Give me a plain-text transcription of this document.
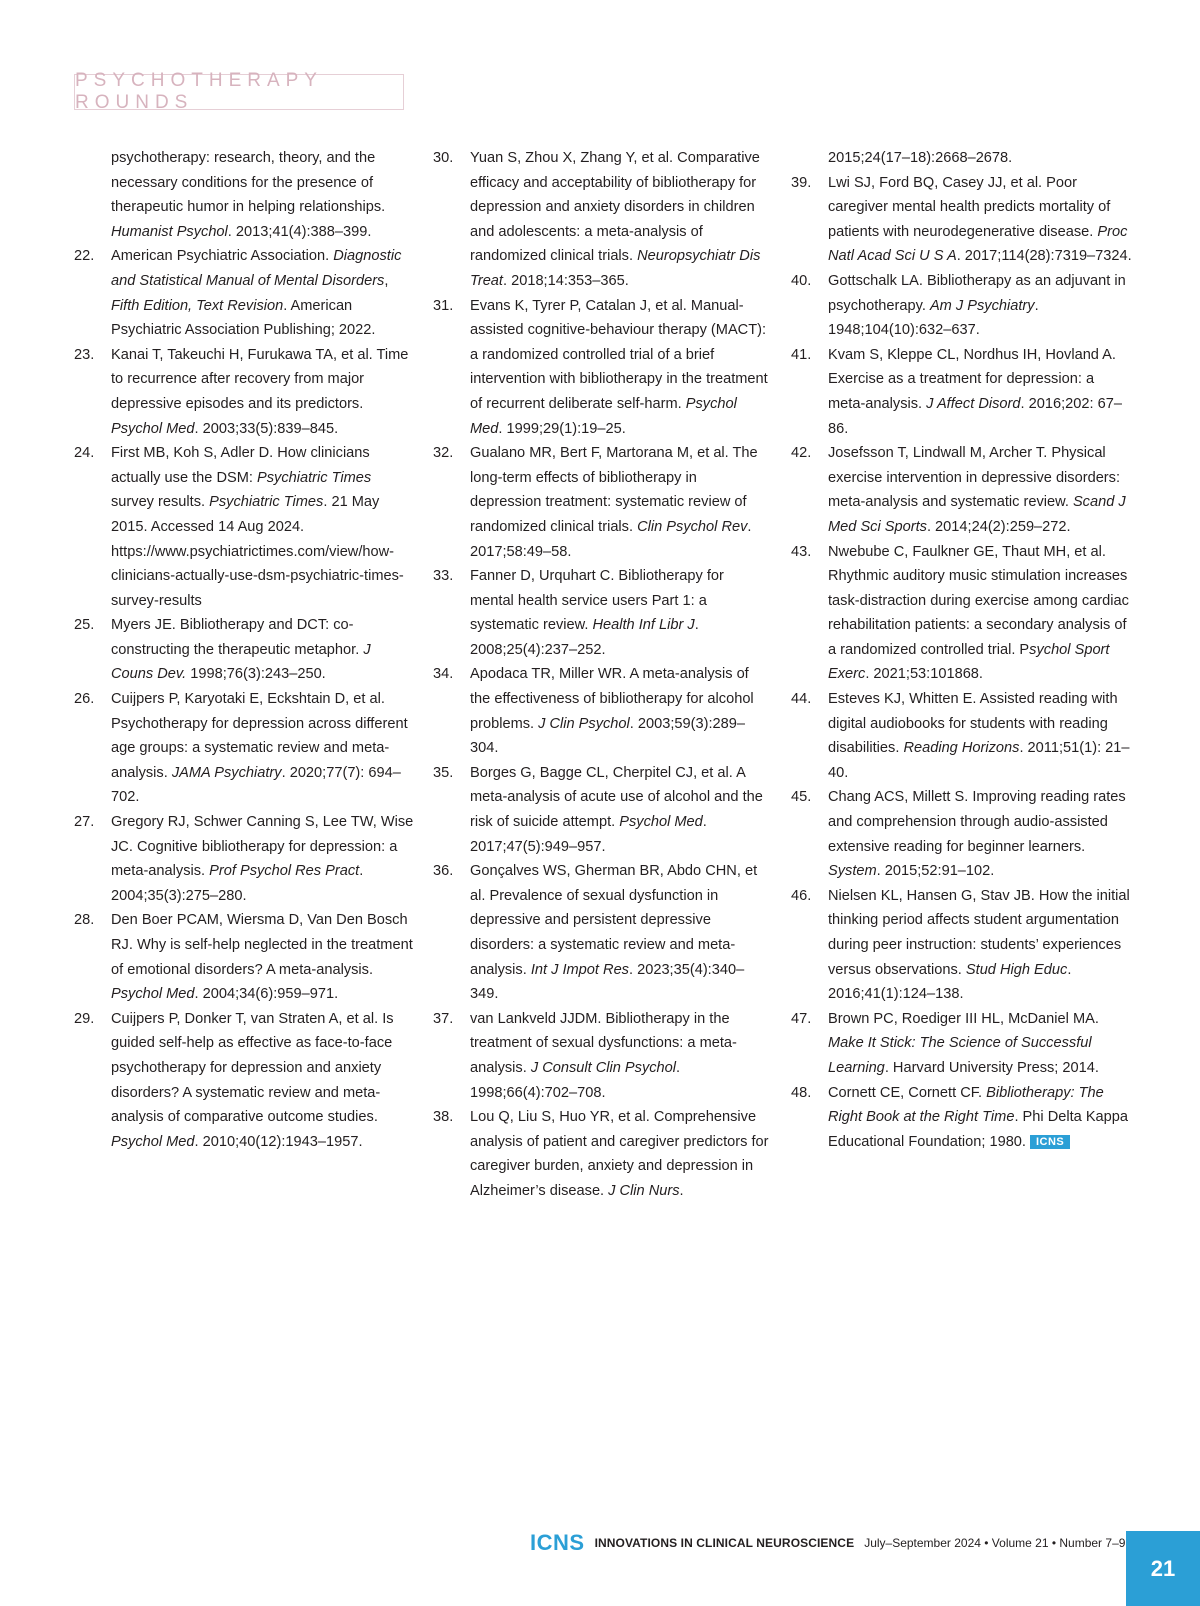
PSYCHOTHERAPY ROUNDS
psychotherapy: research, theory, and the necessary conditions for the presence of therapeutic humor in helping relationships. Humanist Psychol. 2013;41(4):388–399.
22.	American Psychiatric Association. Diagnostic and Statistical Manual of Mental Disorders, Fifth Edition, Text Revision. American Psychiatric Association Publishing; 2022.
23.	Kanai T, Takeuchi H, Furukawa TA, et al. Time to recurrence after recovery from major depressive episodes and its predictors. Psychol Med. 2003;33(5):839–845.
24.	First MB, Koh S, Adler D. How clinicians actually use the DSM: Psychiatric Times survey results. Psychiatric Times. 21 May 2015. Accessed 14 Aug 2024. https://www.psychiatrictimes.com/view/how-clinicians-actually-use-dsm-psychiatric-times-survey-results
25.	Myers JE. Bibliotherapy and DCT: co-constructing the therapeutic metaphor. J Couns Dev. 1998;76(3):243–250.
26.	Cuijpers P, Karyotaki E, Eckshtain D, et al. Psychotherapy for depression across different age groups: a systematic review and meta-analysis. JAMA Psychiatry. 2020;77(7): 694–702.
27.	Gregory RJ, Schwer Canning S, Lee TW, Wise JC. Cognitive bibliotherapy for depression: a meta-analysis. Prof Psychol Res Pract. 2004;35(3):275–280.
28.	Den Boer PCAM, Wiersma D, Van Den Bosch RJ. Why is self-help neglected in the treatment of emotional disorders? A meta-analysis. Psychol Med. 2004;34(6):959–971.
29.	Cuijpers P, Donker T, van Straten A, et al. Is guided self-help as effective as face-to-face psychotherapy for depression and anxiety disorders? A systematic review and meta-analysis of comparative outcome studies. Psychol Med. 2010;40(12):1943–1957.
30.	Yuan S, Zhou X, Zhang Y, et al. Comparative efficacy and acceptability of bibliotherapy for depression and anxiety disorders in children and adolescents: a meta-analysis of randomized clinical trials. Neuropsychiatr Dis Treat. 2018;14:353–365.
31.	Evans K, Tyrer P, Catalan J, et al. Manual-assisted cognitive-behaviour therapy (MACT): a randomized controlled trial of a brief intervention with bibliotherapy in the treatment of recurrent deliberate self-harm. Psychol Med. 1999;29(1):19–25.
32.	Gualano MR, Bert F, Martorana M, et al. The long-term effects of bibliotherapy in depression treatment: systematic review of randomized clinical trials. Clin Psychol Rev. 2017;58:49–58.
33.	Fanner D, Urquhart C. Bibliotherapy for mental health service users Part 1: a systematic review. Health Inf Libr J. 2008;25(4):237–252.
34.	Apodaca TR, Miller WR. A meta-analysis of the effectiveness of bibliotherapy for alcohol problems. J Clin Psychol. 2003;59(3):289–304.
35.	Borges G, Bagge CL, Cherpitel CJ, et al. A meta-analysis of acute use of alcohol and the risk of suicide attempt. Psychol Med. 2017;47(5):949–957.
36.	Gonçalves WS, Gherman BR, Abdo CHN, et al. Prevalence of sexual dysfunction in depressive and persistent depressive disorders: a systematic review and meta-analysis. Int J Impot Res. 2023;35(4):340–349.
37.	van Lankveld JJDM. Bibliotherapy in the treatment of sexual dysfunctions: a meta-analysis. J Consult Clin Psychol. 1998;66(4):702–708.
38.	Lou Q, Liu S, Huo YR, et al. Comprehensive analysis of patient and caregiver predictors for caregiver burden, anxiety and depression in Alzheimer’s disease. J Clin Nurs.
2015;24(17–18):2668–2678.
39.	Lwi SJ, Ford BQ, Casey JJ, et al. Poor caregiver mental health predicts mortality of patients with neurodegenerative disease. Proc Natl Acad Sci U S A. 2017;114(28):7319–7324.
40.	Gottschalk LA. Bibliotherapy as an adjuvant in psychotherapy. Am J Psychiatry. 1948;104(10):632–637.
41.	Kvam S, Kleppe CL, Nordhus IH, Hovland A. Exercise as a treatment for depression: a meta-analysis. J Affect Disord. 2016;202: 67–86.
42.	Josefsson T, Lindwall M, Archer T. Physical exercise intervention in depressive disorders: meta-analysis and systematic review. Scand J Med Sci Sports. 2014;24(2):259–272.
43.	Nwebube C, Faulkner GE, Thaut MH, et al. Rhythmic auditory music stimulation increases task-distraction during exercise among cardiac rehabilitation patients: a secondary analysis of a randomized controlled trial. Psychol Sport Exerc. 2021;53:101868.
44.	Esteves KJ, Whitten E. Assisted reading with digital audiobooks for students with reading disabilities. Reading Horizons. 2011;51(1): 21–40.
45.	Chang ACS, Millett S. Improving reading rates and comprehension through audio-assisted extensive reading for beginner learners. System. 2015;52:91–102.
46.	Nielsen KL, Hansen G, Stav JB. How the initial thinking period affects student argumentation during peer instruction: students’ experiences versus observations. Stud High Educ. 2016;41(1):124–138.
47.	Brown PC, Roediger III HL, McDaniel MA. Make It Stick: The Science of Successful Learning. Harvard University Press; 2014.
48.	Cornett CE, Cornett CF. Bibliotherapy: The Right Book at the Right Time. Phi Delta Kappa Educational Foundation; 1980. ICNS
ICNS INNOVATIONS IN CLINICAL NEUROSCIENCE July–September 2024 • Volume 21 • Number 7–9
21
